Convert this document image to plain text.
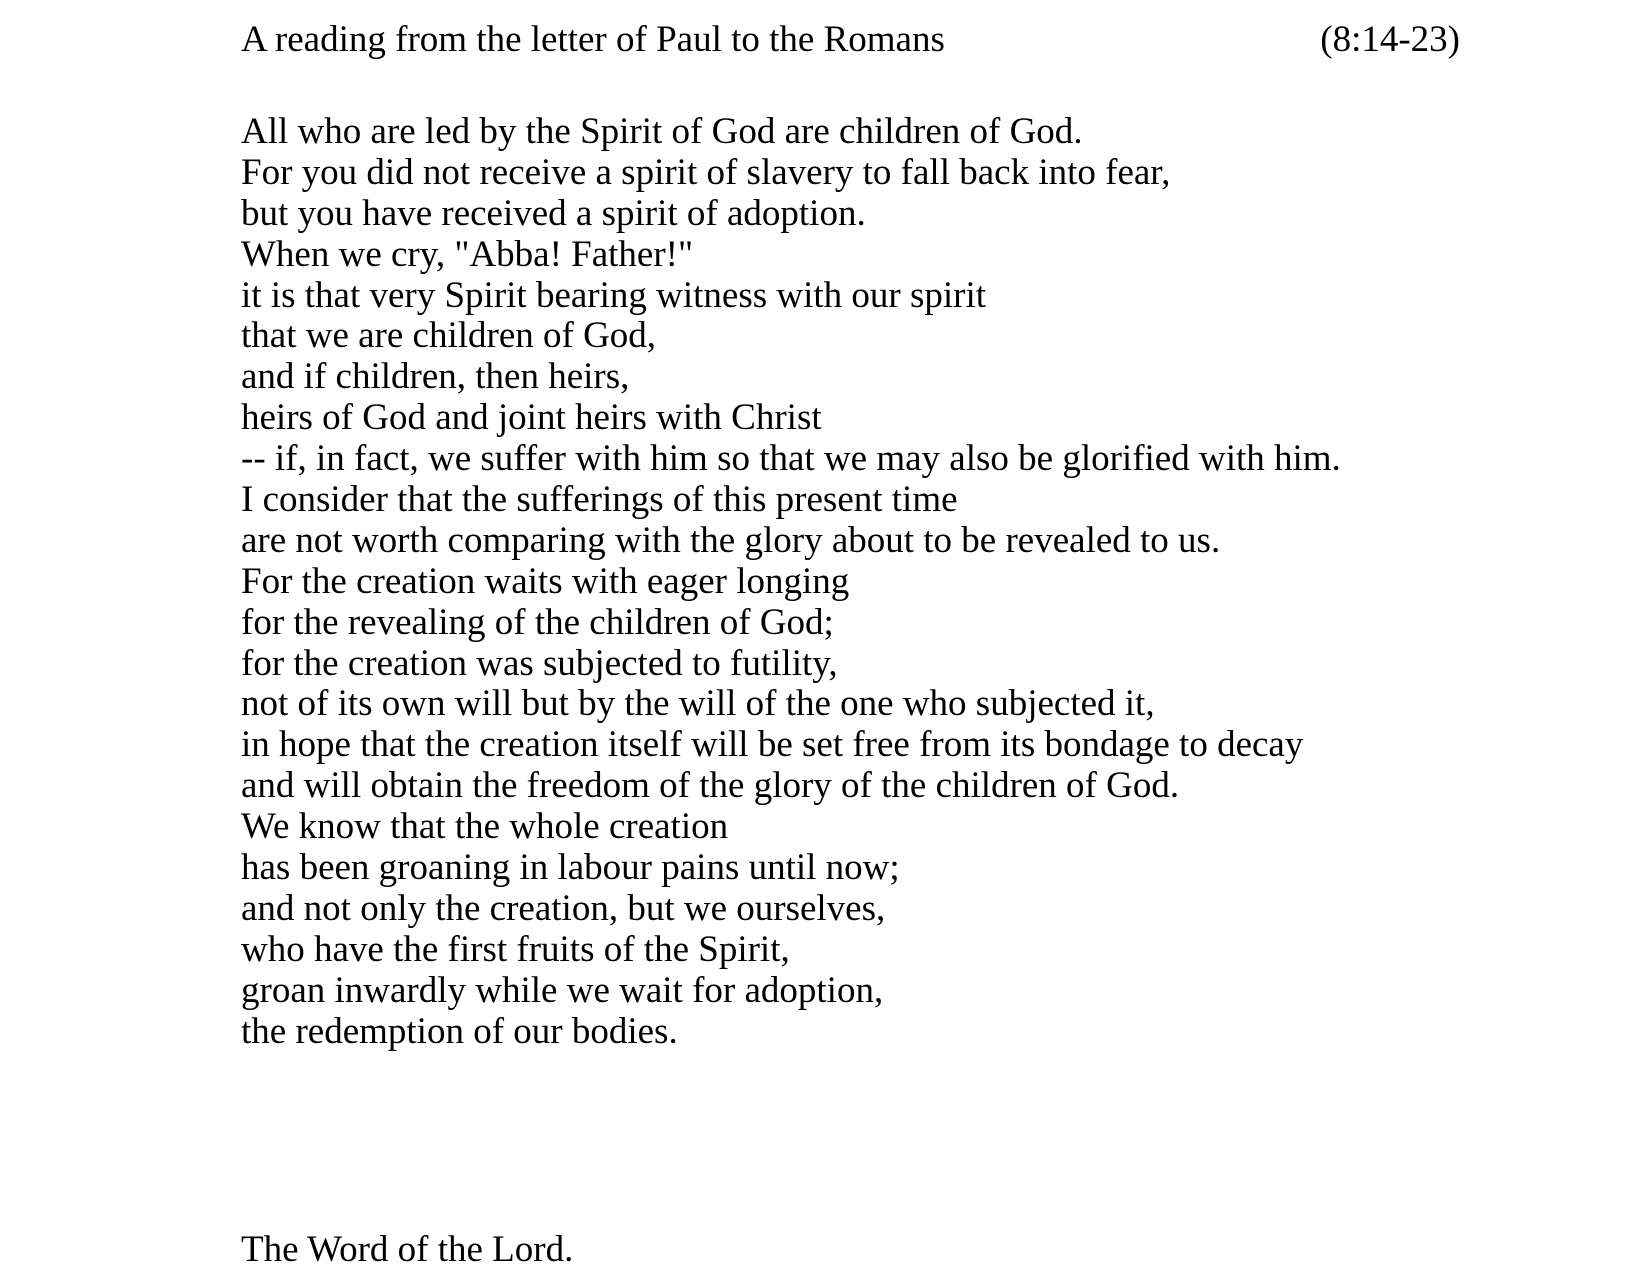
A reading from the letter of Paul to the Romans	(8:14-23)
All who are led by the Spirit of God are children of God.
For you did not receive a spirit of slavery to fall back into fear,
but you have received a spirit of adoption.
When we cry, "Abba! Father!"
it is that very Spirit bearing witness with our spirit
that we are children of God,
and if children, then heirs,
heirs of God and joint heirs with Christ
-- if, in fact, we suffer with him so that we may also be glorified with him.
I consider that the sufferings of this present time
are not worth comparing with the glory about to be revealed to us.
For the creation waits with eager longing
for the revealing of the children of God;
for the creation was subjected to futility,
not of its own will but by the will of the one who subjected it,
in hope that the creation itself will be set free from its bondage to decay
and will obtain the freedom of the glory of the children of God.
We know that the whole creation
has been groaning in labour pains until now;
and not only the creation, but we ourselves,
who have the first fruits of the Spirit,
groan inwardly while we wait for adoption,
the redemption of our bodies.
The Word of the Lord.
